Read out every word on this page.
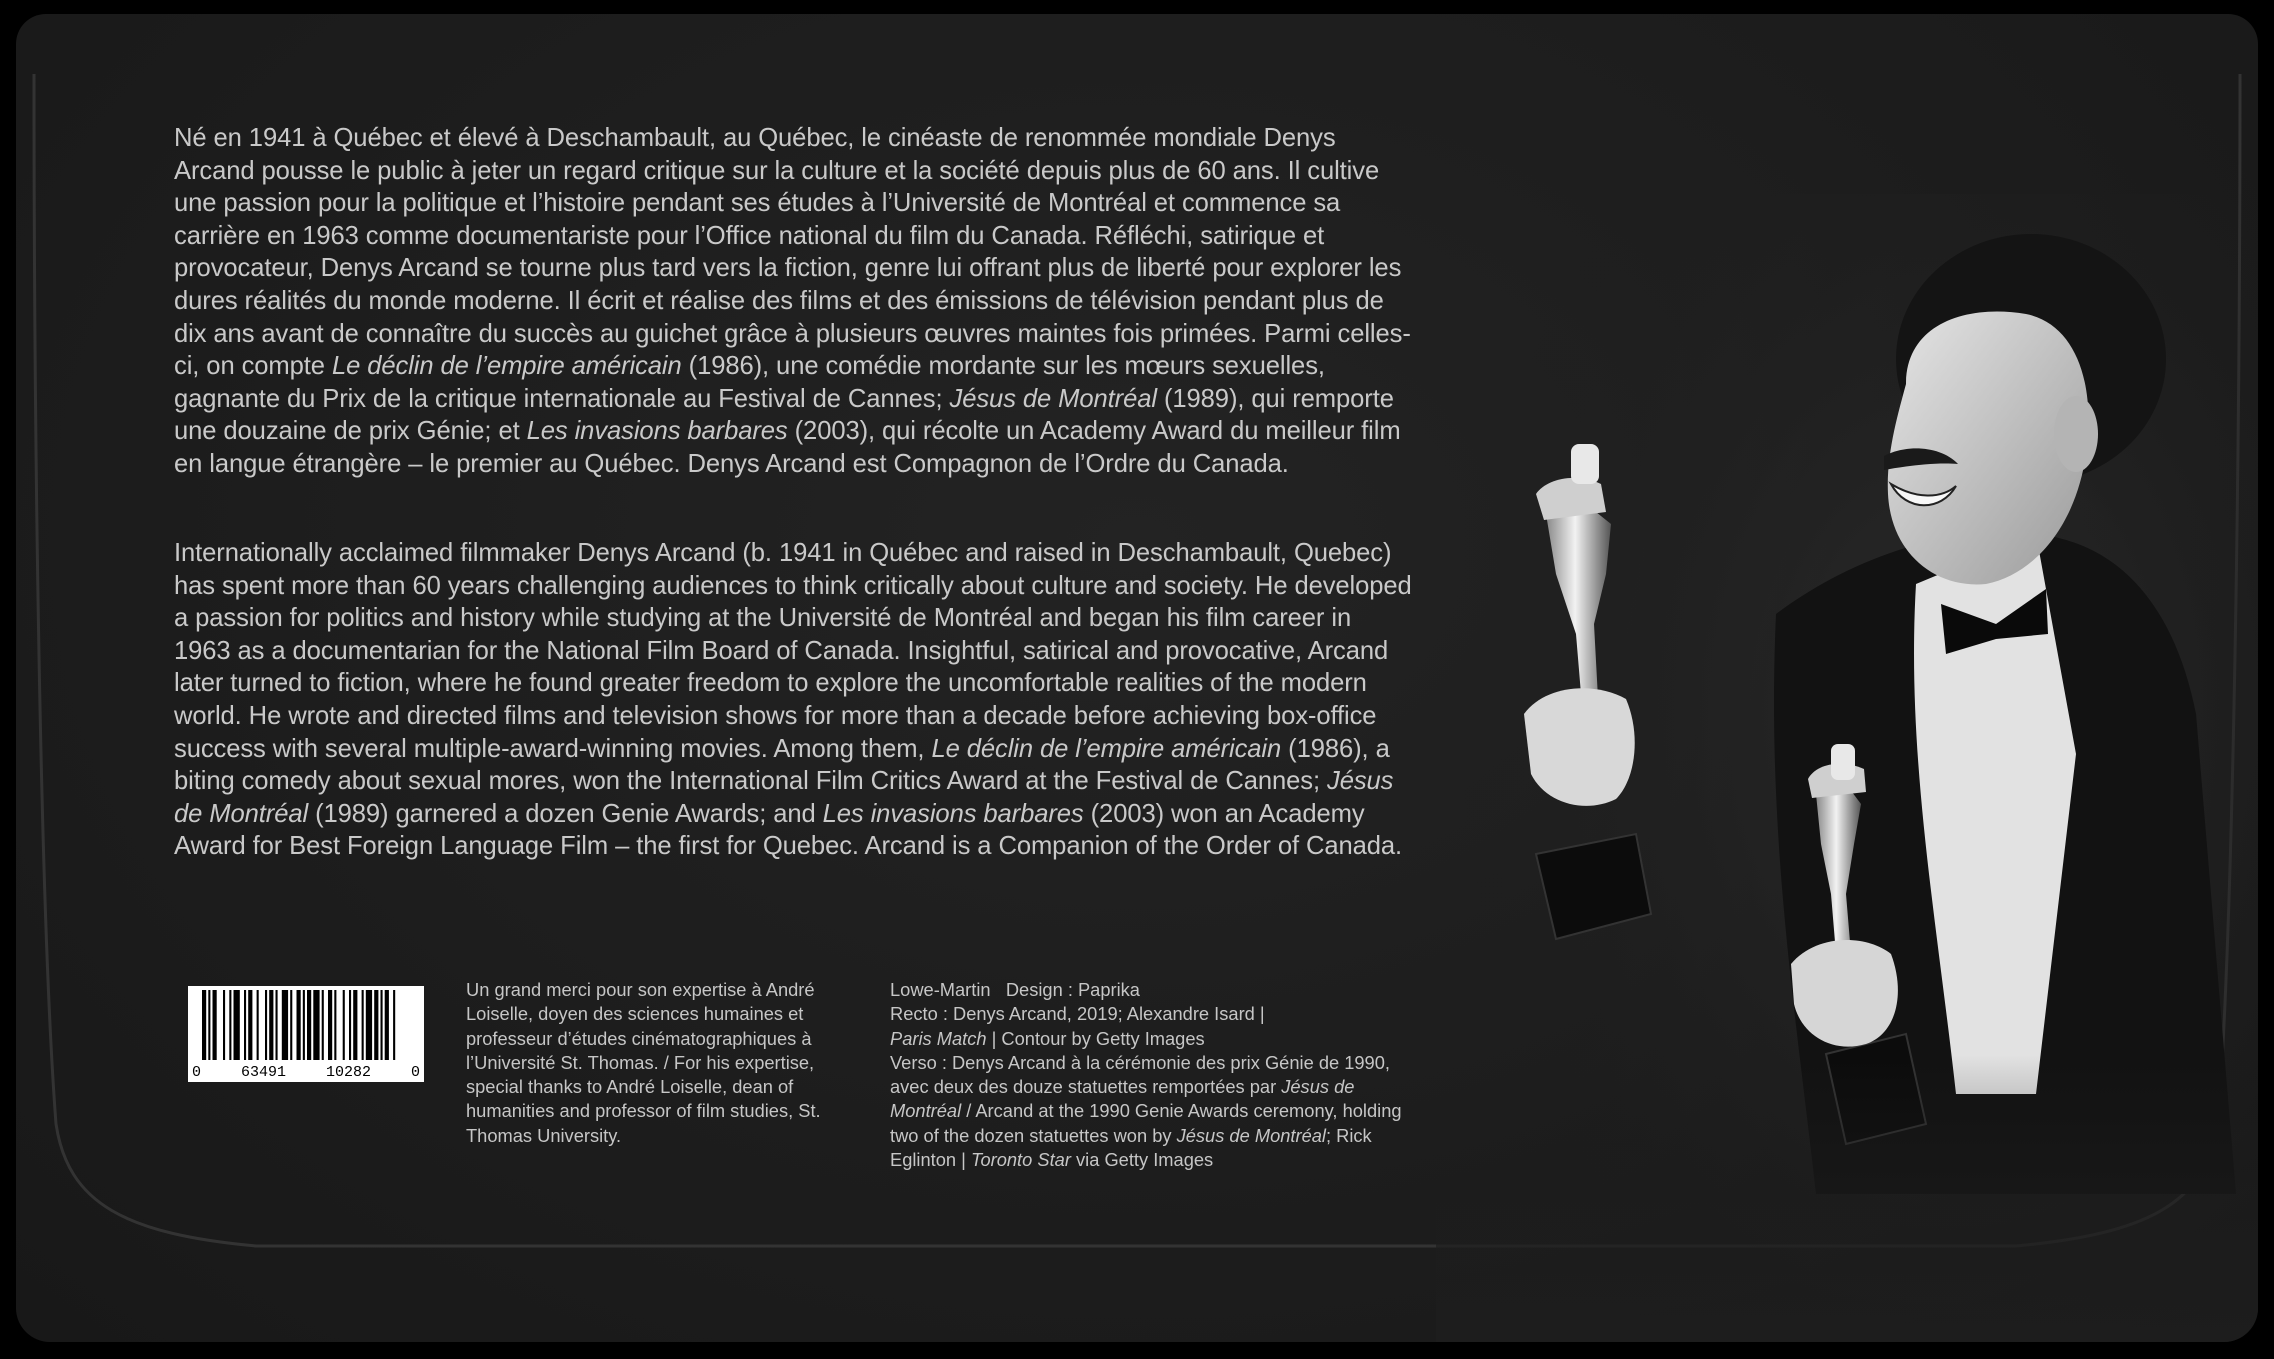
Né en 1941 à Québec et élevé à Deschambault, au Québec, le cinéaste de renommée mondiale Denys Arcand pousse le public à jeter un regard critique sur la culture et la société depuis plus de 60 ans. Il cultive une passion pour la politique et l’histoire pendant ses études à l’Université de Montréal et commence sa carrière en 1963 comme documentariste pour l’Office national du film du Canada. Réfléchi, satirique et provocateur, Denys Arcand se tourne plus tard vers la fiction, genre lui offrant plus de liberté pour explorer les dures réalités du monde moderne. Il écrit et réalise des films et des émissions de télévision pendant plus de dix ans avant de connaître du succès au guichet grâce à plusieurs œuvres maintes fois primées. Parmi celles-ci, on compte Le déclin de l’empire américain (1986), une comédie mordante sur les mœurs sexuelles, gagnante du Prix de la critique internationale au Festival de Cannes; Jésus de Montréal (1989), qui remporte une douzaine de prix Génie; et Les invasions barbares (2003), qui récolte un Academy Award du meilleur film en langue étrangère – le premier au Québec. Denys Arcand est Compagnon de l’Ordre du Canada.

Internationally acclaimed filmmaker Denys Arcand (b. 1941 in Québec and raised in Deschambault, Quebec) has spent more than 60 years challenging audiences to think critically about culture and society. He developed a passion for politics and history while studying at the Université de Montréal and began his film career in 1963 as a documentarian for the National Film Board of Canada. Insightful, satirical and provocative, Arcand later turned to fiction, where he found greater freedom to explore the uncomfortable realities of the modern world. He wrote and directed films and television shows for more than a decade before achieving box-office success with several multiple-award-winning movies. Among them, Le déclin de l’empire américain (1986), a biting comedy about sexual mores, won the International Film Critics Award at the Festival de Cannes; Jésus de Montréal (1989) garnered a dozen Genie Awards; and Les invasions barbares (2003) won an Academy Award for Best Foreign Language Film – the first for Quebec. Arcand is a Companion of the Order of Canada.

0	63491	10282	0
Un grand merci pour son expertise à André Loiselle, doyen des sciences humaines et professeur d’études cinématographiques à l’Université St. Thomas. / For his expertise, special thanks to André Loiselle, dean of humanities and professor of film studies, St. Thomas University.
Lowe-Martin Design : Paprika
Recto : Denys Arcand, 2019; Alexandre Isard |
Paris Match | Contour by Getty Images
Verso : Denys Arcand à la cérémonie des prix Génie de 1990, avec deux des douze statuettes remportées par Jésus de Montréal / Arcand at the 1990 Genie Awards ceremony, holding two of the dozen statuettes won by Jésus de Montréal; Rick Eglinton | Toronto Star via Getty Images
